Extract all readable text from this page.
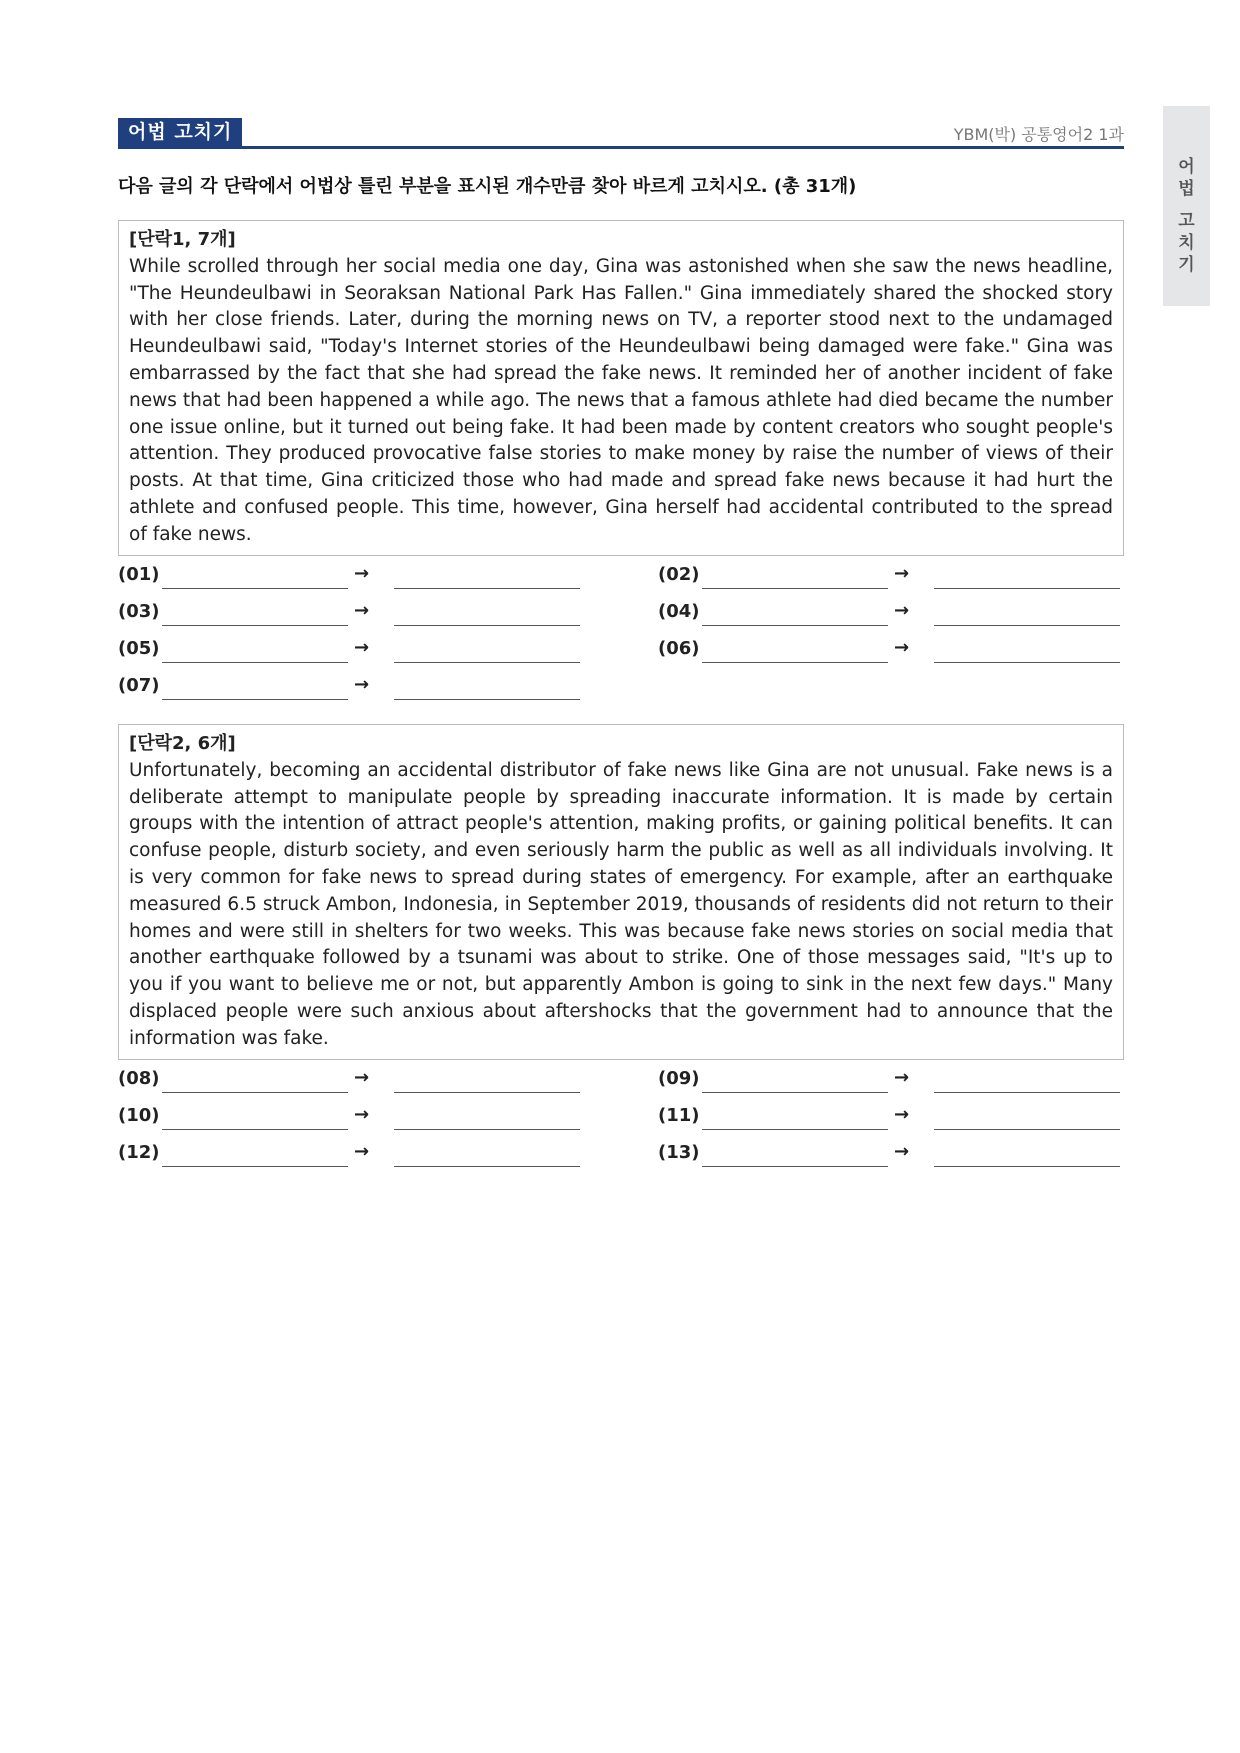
어법 고치기	YBM(박) 공통영어2 1과
어
법
고
치
기
다음 글의 각 단락에서 어법상 틀린 부분을 표시된 개수만큼 찾아 바르게 고치시오. (총 31개)
[단락1, 7개]
While scrolled through her social media one day, Gina was astonished when she saw the news headline, "The Heundeulbawi in Seoraksan National Park Has Fallen." Gina immediately shared the shocked story with her close friends. Later, during the morning news on TV, a reporter stood next to the undamaged Heundeulbawi said, "Today's Internet stories of the Heundeulbawi being damaged were fake." Gina was embarrassed by the fact that she had spread the fake news. It reminded her of another incident of fake news that had been happened a while ago. The news that a famous athlete had died became the number one issue online, but it turned out being fake. It had been made by content creators who sought people's attention. They produced provocative false stories to make money by raise the number of views of their posts. At that time, Gina criticized those who had made and spread fake news because it had hurt the athlete and confused people. This time, however, Gina herself had accidental contributed to the spread of fake news.
(01)	→	(02)	→
(03)	→	(04)	→
(05)	→	(06)	→
(07)	→
[단락2, 6개]
Unfortunately, becoming an accidental distributor of fake news like Gina are not unusual. Fake news is a deliberate attempt to manipulate people by spreading inaccurate information. It is made by certain groups with the intention of attract people's attention, making profits, or gaining political benefits. It can confuse people, disturb society, and even seriously harm the public as well as all individuals involving. It is very common for fake news to spread during states of emergency. For example, after an earthquake measured 6.5 struck Ambon, Indonesia, in September 2019, thousands of residents did not return to their homes and were still in shelters for two weeks. This was because fake news stories on social media that another earthquake followed by a tsunami was about to strike. One of those messages said, "It's up to you if you want to believe me or not, but apparently Ambon is going to sink in the next few days." Many displaced people were such anxious about aftershocks that the government had to announce that the information was fake.
(08)	→	(09)	→
(10)	→	(11)	→
(12)	→	(13)	→
